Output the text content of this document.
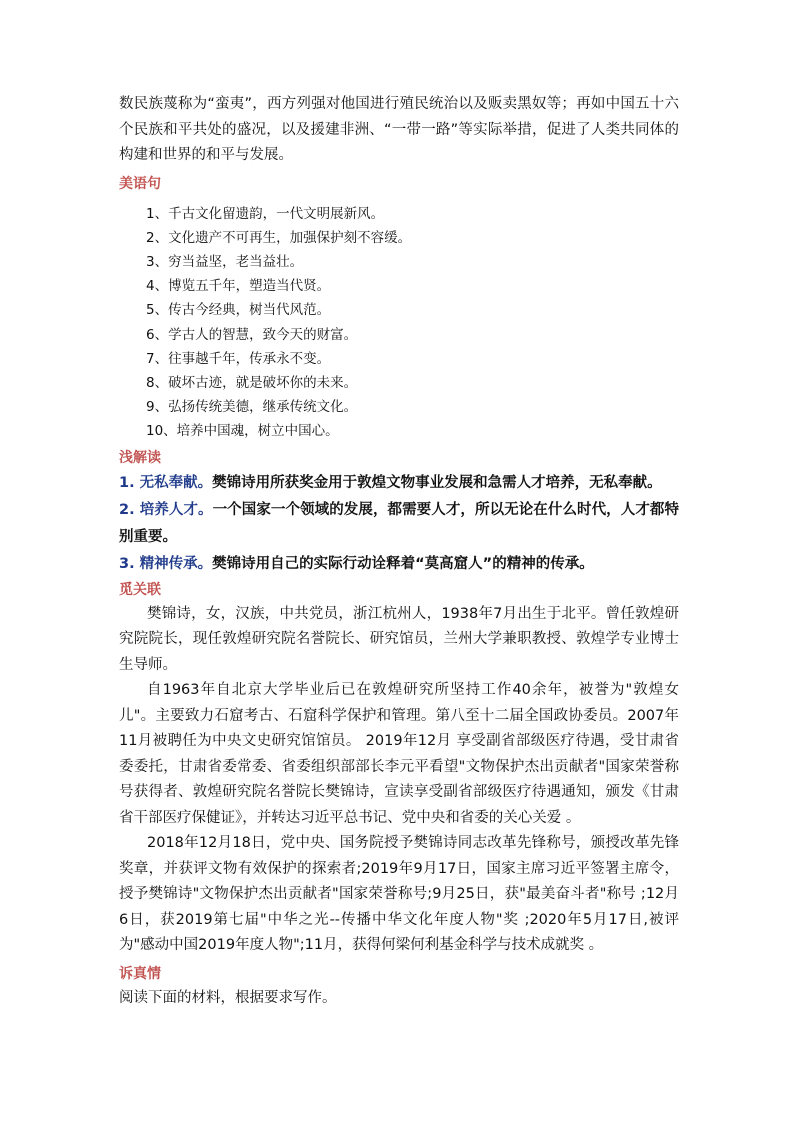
数民族蔑称为“蛮夷”，西方列强对他国进行殖民统治以及贩卖黑奴等；再如中国五十六个民族和平共处的盛况，以及援建非洲、“一带一路”等实际举措，促进了人类共同体的构建和世界的和平与发展。

美语句

1、千古文化留遗韵，一代文明展新风。
2、文化遗产不可再生，加强保护刻不容缓。
3、穷当益坚，老当益壮。
4、博览五千年，塑造当代贤。
5、传古今经典，树当代风范。
6、学古人的智慧，致今天的财富。
7、往事越千年，传承永不变。
8、破坏古迹，就是破坏你的未来。
9、弘扬传统美德，继承传统文化。
10、培养中国魂，树立中国心。

浅解读

1. 无私奉献。樊锦诗用所获奖金用于敦煌文物事业发展和急需人才培养，无私奉献。

2. 培养人才。一个国家一个领域的发展，都需要人才，所以无论在什么时代，人才都特别重要。

3. 精神传承。樊锦诗用自己的实际行动诠释着“莫高窟人”的精神的传承。

觅关联

樊锦诗，女，汉族，中共党员，浙江杭州人，1938年7月出生于北平。曾任敦煌研究院院长，现任敦煌研究院名誉院长、研究馆员，兰州大学兼职教授、敦煌学专业博士生导师。

自1963年自北京大学毕业后已在敦煌研究所坚持工作40余年，被誉为"敦煌女儿"。主要致力石窟考古、石窟科学保护和管理。第八至十二届全国政协委员。2007年11月被聘任为中央文史研究馆馆员。 2019年12月 享受副省部级医疗待遇，受甘肃省委委托，甘肃省委常委、省委组织部部长李元平看望"文物保护杰出贡献者"国家荣誉称号获得者、敦煌研究院名誉院长樊锦诗，宣读享受副省部级医疗待遇通知，颁发《甘肃省干部医疗保健证》，并转达习近平总书记、党中央和省委的关心关爱 。

2018年12月18日，党中央、国务院授予樊锦诗同志改革先锋称号，颁授改革先锋奖章，并获评文物有效保护的探索者;2019年9月17日，国家主席习近平签署主席令，授予樊锦诗"文物保护杰出贡献者"国家荣誉称号;9月25日，获"最美奋斗者"称号 ;12月6日，获2019第七届"中华之光--传播中华文化年度人物"奖 ;2020年5月17日,被评为"感动中国2019年度人物";11月，获得何梁何利基金科学与技术成就奖 。

诉真情

阅读下面的材料，根据要求写作。
